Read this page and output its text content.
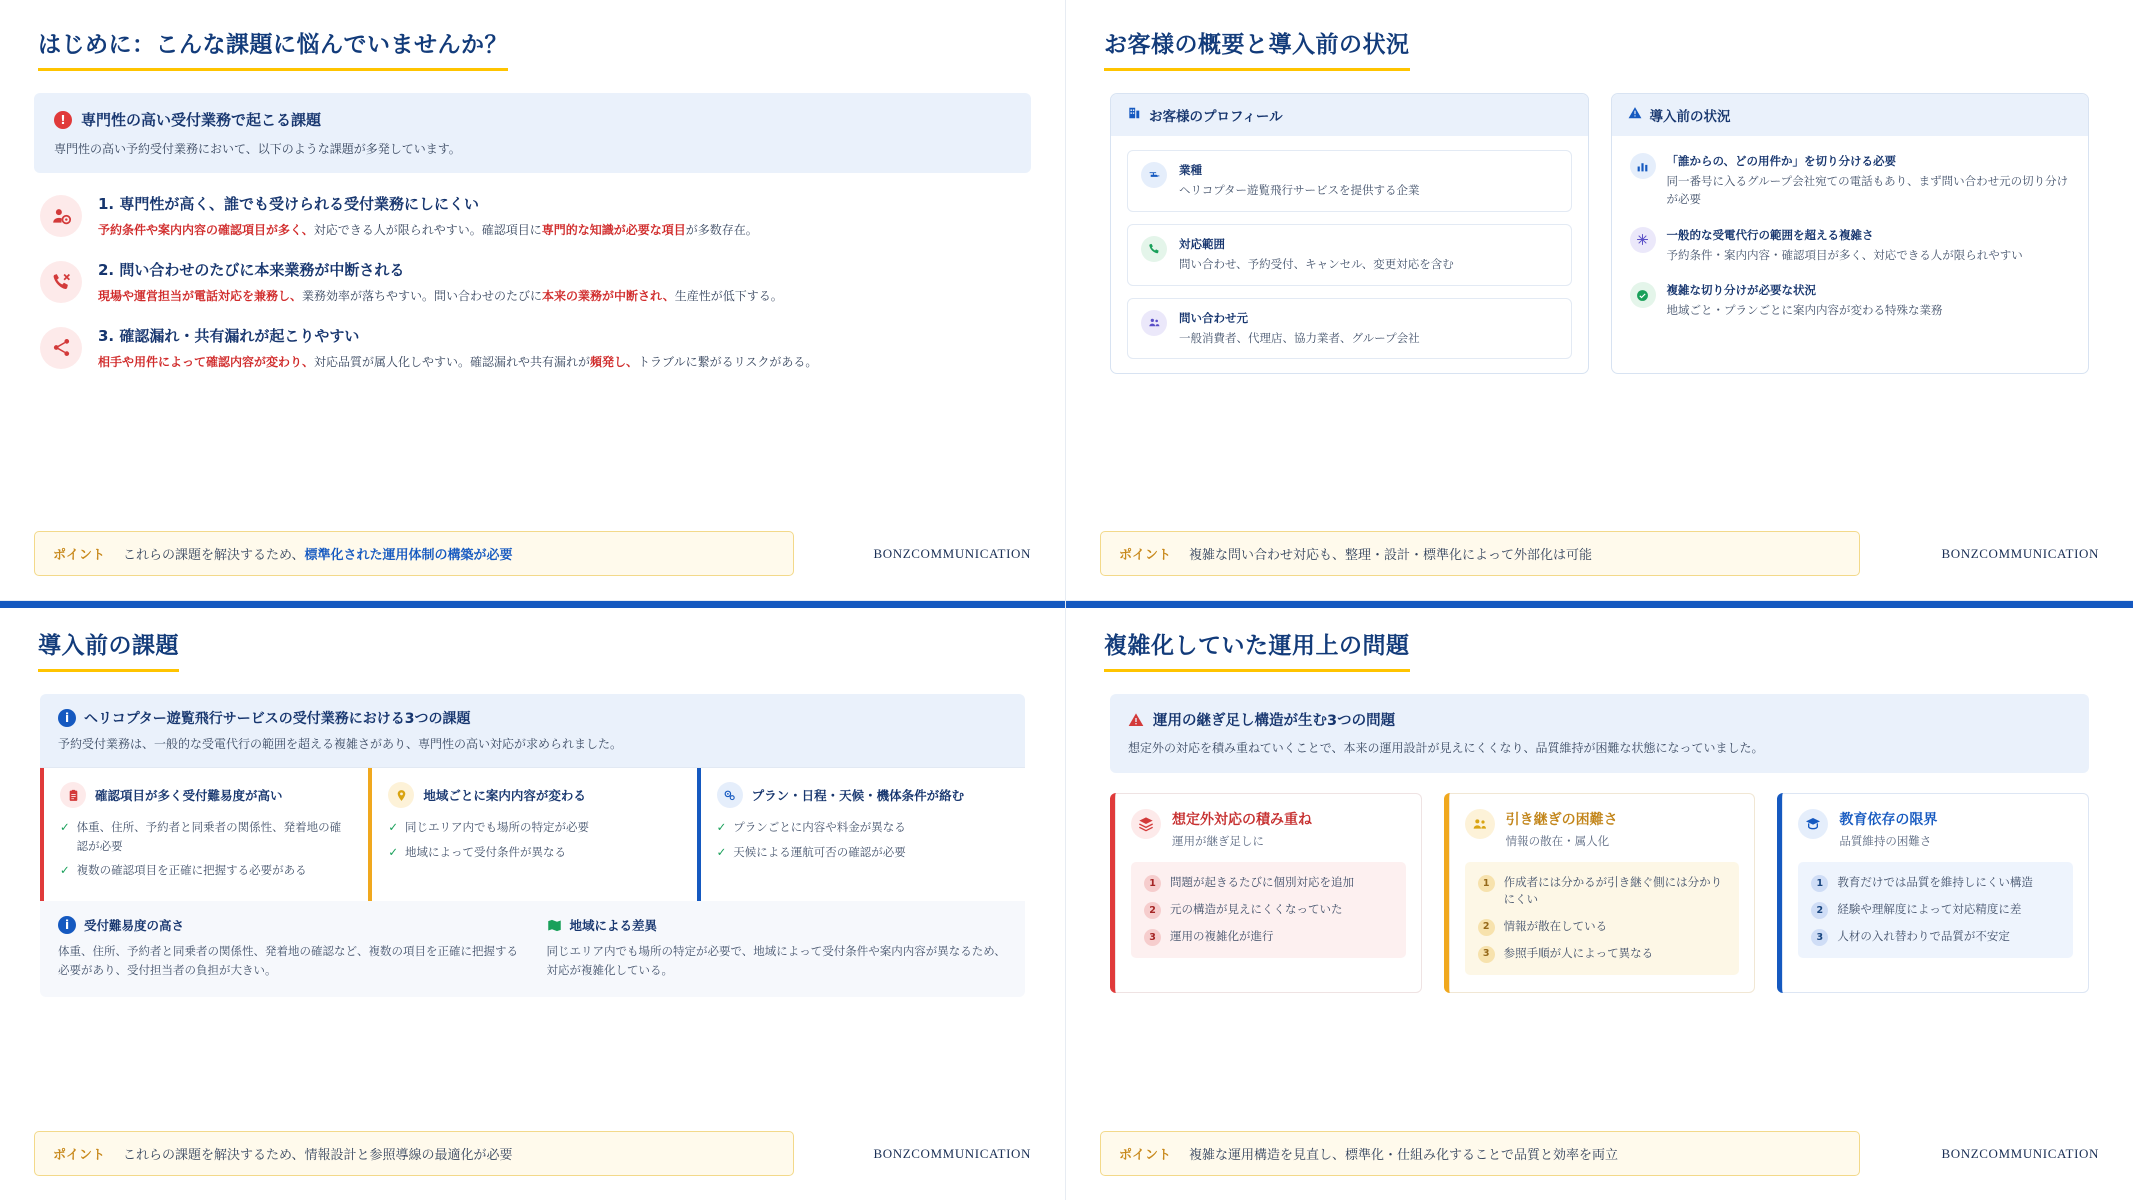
はじめに：こんな課題に悩んでいませんか？
!	専門性の高い受付業務で起こる課題
専門性の高い予約受付業務において、以下のような課題が多発しています。
1. 専門性が高く、誰でも受けられる受付業務にしにくい

予約条件や案内内容の確認項目が多く、対応できる人が限られやすい。確認項目に専門的な知識が必要な項目が多数存在。

2. 問い合わせのたびに本来業務が中断される

現場や運営担当が電話対応を兼務し、業務効率が落ちやすい。問い合わせのたびに本来の業務が中断され、生産性が低下する。

3. 確認漏れ・共有漏れが起こりやすい

相手や用件によって確認内容が変わり、対応品質が属人化しやすい。確認漏れや共有漏れが頻発し、トラブルに繋がるリスクがある。

ポイント これらの課題を解決するため、標準化された運用体制の構築が必要	BONZCOMMUNICATION
お客様の概要と導入前の状況
お客様のプロフィール
業種

ヘリコプター遊覧飛行サービスを提供する企業

対応範囲

問い合わせ、予約受付、キャンセル、変更対応を含む

問い合わせ元

一般消費者、代理店、協力業者、グループ会社

導入前の状況
「誰からの、どの用件か」を切り分ける必要

同一番号に入るグループ会社宛ての電話もあり、まず問い合わせ元の切り分けが必要

一般的な受電代行の範囲を超える複雑さ

予約条件・案内内容・確認項目が多く、対応できる人が限られやすい

複雑な切り分けが必要な状況

地域ごと・プランごとに案内内容が変わる特殊な業務

ポイント 複雑な問い合わせ対応も、整理・設計・標準化によって外部化は可能	BONZCOMMUNICATION
導入前の課題
i	ヘリコプター遊覧飛行サービスの受付業務における3つの課題

予約受付業務は、一般的な受電代行の範囲を超える複雑さがあり、専門性の高い対応が求められました。

確認項目が多く受付難易度が高い
✓ 体重、住所、予約者と同乗者の関係性、発着地の確認が必要
✓ 複数の確認項目を正確に把握する必要がある
地域ごとに案内内容が変わる
✓ 同じエリア内でも場所の特定が必要
✓ 地域によって受付条件が異なる
プラン・日程・天候・機体条件が絡む
✓ プランごとに内容や料金が異なる
✓ 天候による運航可否の確認が必要
i	受付難易度の高さ

体重、住所、予約者と同乗者の関係性、発着地の確認など、複数の項目を正確に把握する必要があり、受付担当者の負担が大きい。

地域による差異

同じエリア内でも場所の特定が必要で、地域によって受付条件や案内内容が異なるため、対応が複雑化している。

ポイント これらの課題を解決するため、情報設計と参照導線の最適化が必要	BONZCOMMUNICATION
複雑化していた運用上の問題
運用の継ぎ足し構造が生む3つの問題

想定外の対応を積み重ねていくことで、本来の運用設計が見えにくくなり、品質維持が困難な状態になっていました。

想定外対応の積み重ね

運用が継ぎ足しに

1	問題が起きるたびに個別対応を追加
2	元の構造が見えにくくなっていた
3	運用の複雑化が進行
引き継ぎの困難さ

情報の散在・属人化

1	作成者には分かるが引き継ぐ側には分かりにくい
2	情報が散在している
3	参照手順が人によって異なる
教育依存の限界

品質維持の困難さ

1	教育だけでは品質を維持しにくい構造
2	経験や理解度によって対応精度に差
3	人材の入れ替わりで品質が不安定
ポイント 複雑な運用構造を見直し、標準化・仕組み化することで品質と効率を両立	BONZCOMMUNICATION
